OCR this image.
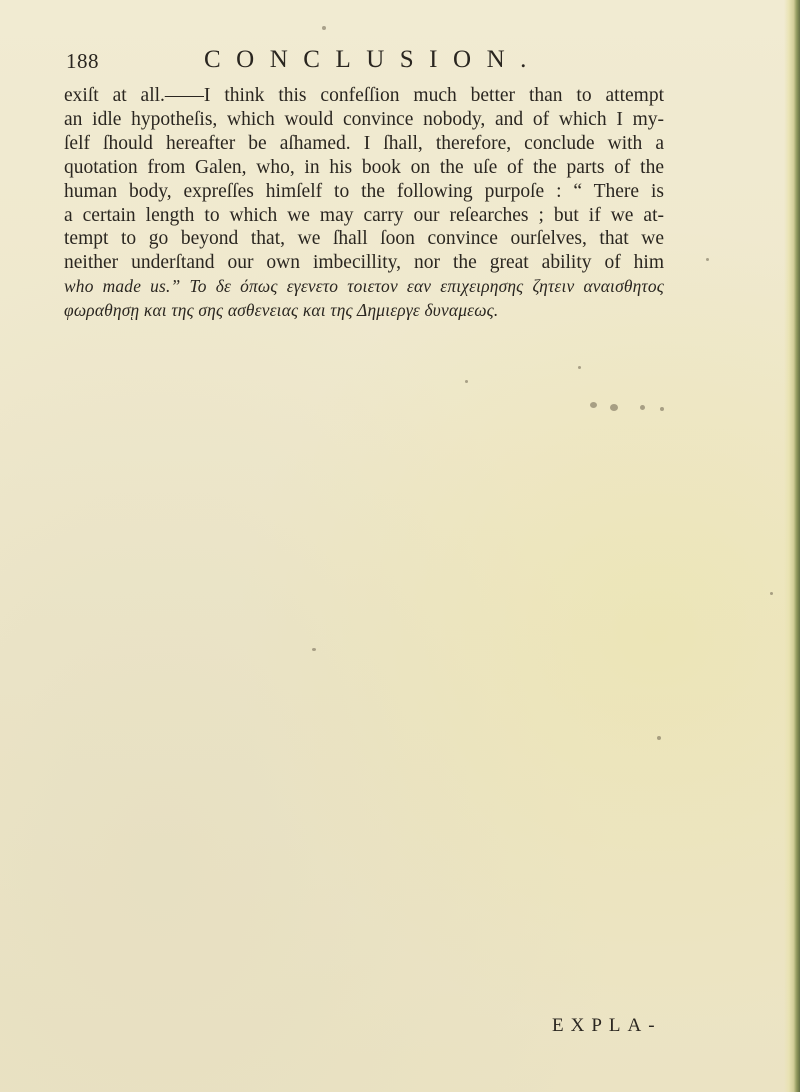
188	CONCLUSION.
exiſt at all.——I think this confeſſion much better than to attempt
an idle hypotheſis, which would convince nobody, and of which I my-
ſelf ſhould hereafter be aſhamed. I ſhall, therefore, conclude with a
quotation from Galen, who, in his book on the uſe of the parts of the
human body, expreſſes himſelf to the following purpoſe : “ There is
a certain length to which we may carry our reſearches ; but if we at-
tempt to go beyond that, we ſhall ſoon convince ourſelves, that we
neither underſtand our own imbecillity, nor the great ability of him
who made us.” Το δε όπως εγενετο τοιετον εαν επιχειρησης ζητειν αναισθητος
φωραθησῃ και της σης ασθενειας και της Δημιεργε δυναμεως.
EXPLA-
